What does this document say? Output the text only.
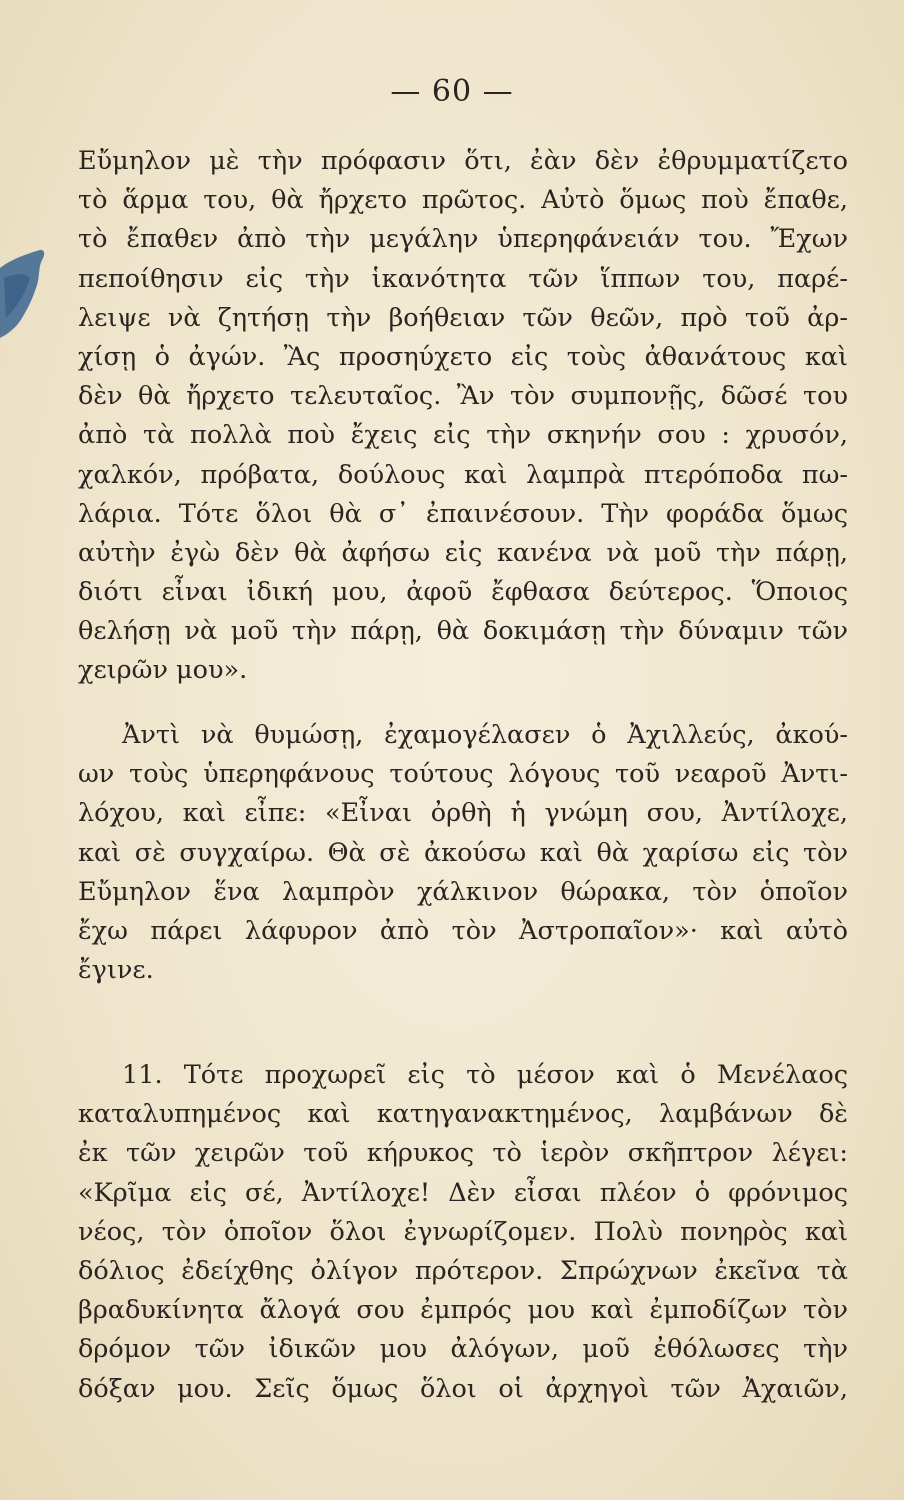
— 60 —
Εὔμηλον μὲ τὴν πρόφασιν ὅτι, ἐὰν δὲν ἐθρυμματίζετο
τὸ ἅρμα του, θὰ ἤρχετο πρῶτος. Αὐτὸ ὅμως ποὺ ἔπαθε,
τὸ ἔπαθεν ἀπὸ τὴν μεγάλην ὑπερηφάνειάν του. Ἔχων
πεποίθησιν εἰς τὴν ἱκανότητα τῶν ἵππων του, παρέ-
λειψε νὰ ζητήσῃ τὴν βοήθειαν τῶν θεῶν, πρὸ τοῦ ἀρ-
χίσῃ ὁ ἀγών. Ἂς προσηύχετο εἰς τοὺς ἀθανάτους καὶ
δὲν θὰ ἤρχετο τελευταῖος. Ἂν τὸν συμπονῇς, δῶσέ του
ἀπὸ τὰ πολλὰ ποὺ ἔχεις εἰς τὴν σκηνήν σου : χρυσόν,
χαλκόν, πρόβατα, δούλους καὶ λαμπρὰ πτερόποδα πω-
λάρια. Τότε ὅλοι θὰ σ᾽ ἐπαινέσουν. Τὴν φοράδα ὅμως
αὐτὴν ἐγὼ δὲν θὰ ἀφήσω εἰς κανένα νὰ μοῦ τὴν πάρῃ,
διότι εἶναι ἰδική μου, ἀφοῦ ἔφθασα δεύτερος. Ὅποιος
θελήσῃ νὰ μοῦ τὴν πάρῃ, θὰ δοκιμάσῃ τὴν δύναμιν τῶν
χειρῶν μου».
Ἀντὶ νὰ θυμώσῃ, ἐχαμογέλασεν ὁ Ἀχιλλεύς, ἀκού-
ων τοὺς ὑπερηφάνους τούτους λόγους τοῦ νεαροῦ Ἀντι-
λόχου, καὶ εἶπε: «Εἶναι ὀρθὴ ἡ γνώμη σου, Ἀντίλοχε,
καὶ σὲ συγχαίρω. Θὰ σὲ ἀκούσω καὶ θὰ χαρίσω εἰς τὸν
Εὔμηλον ἕνα λαμπρὸν χάλκινον θώρακα, τὸν ὁποῖον
ἔχω πάρει λάφυρον ἀπὸ τὸν Ἀστροπαῖον»· καὶ αὐτὸ
ἔγινε.
11. Τότε προχωρεῖ εἰς τὸ μέσον καὶ ὁ Μενέλαος
καταλυπημένος καὶ κατηγανακτημένος, λαμβάνων δὲ
ἐκ τῶν χειρῶν τοῦ κήρυκος τὸ ἱερὸν σκῆπτρον λέγει:
«Κρῖμα εἰς σέ, Ἀντίλοχε! Δὲν εἶσαι πλέον ὁ φρόνιμος
νέος, τὸν ὁποῖον ὅλοι ἐγνωρίζομεν. Πολὺ πονηρὸς καὶ
δόλιος ἐδείχθης ὀλίγον πρότερον. Σπρώχνων ἐκεῖνα τὰ
βραδυκίνητα ἄλογά σου ἐμπρός μου καὶ ἐμποδίζων τὸν
δρόμον τῶν ἰδικῶν μου ἀλόγων, μοῦ ἐθόλωσες τὴν
δόξαν μου. Σεῖς ὅμως ὅλοι οἱ ἀρχηγοὶ τῶν Ἀχαιῶν,
